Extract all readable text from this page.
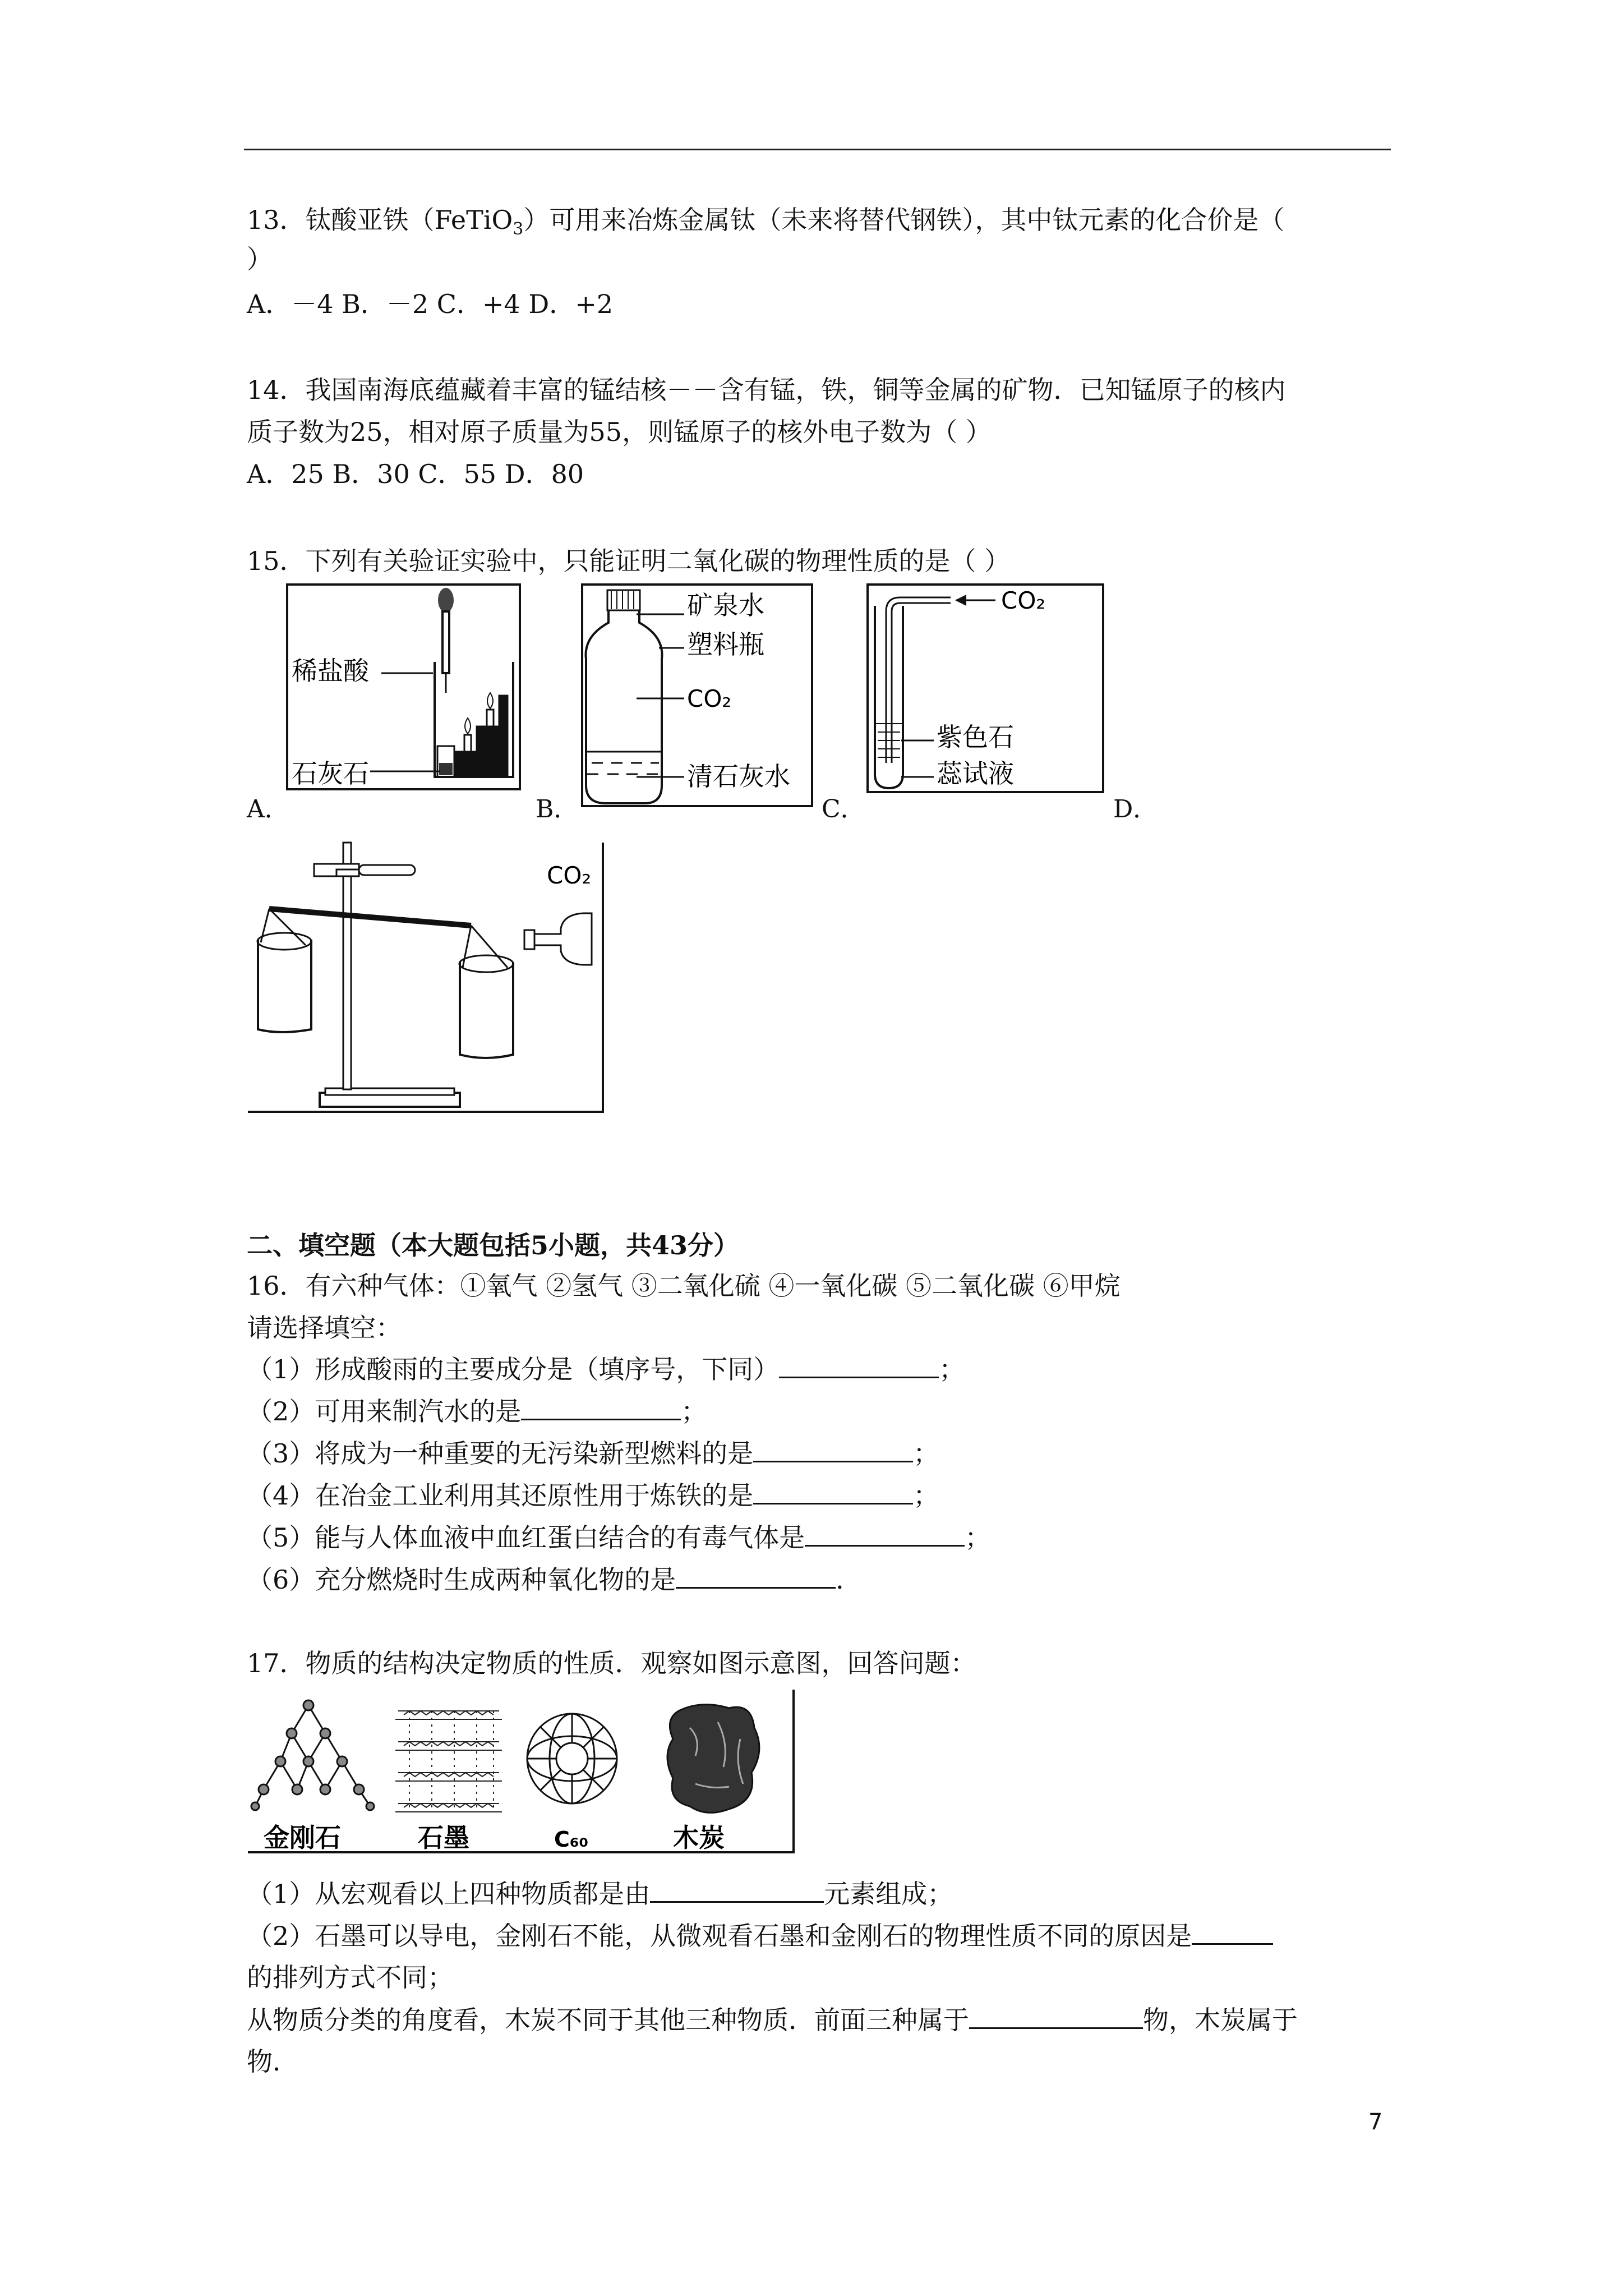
13．钛酸亚铁（FeTiO$_3$）可用来冶炼金属钛（未来将替代钢铁），其中钛元素的化合价是（
）
A．－4 B．－2 C．+4 D．+2
14．我国南海底蕴藏着丰富的锰结核－－含有锰，铁，铜等金属的矿物．已知锰原子的核内
质子数为25，相对原子质量为55，则锰原子的核外电子数为（ ）
A．25 B．30 C．55 D．80
15．下列有关验证实验中，只能证明二氧化碳的物理性质的是（ ）
稀盐酸
石灰石
A．
矿泉水
塑料瓶
CO₂
清石灰水
B．
CO₂
紫色石
蕊试液
C．	D．
CO₂
二、填空题（本大题包括5小题，共43分）
16．有六种气体：①氧气 ②氢气 ③二氧化硫 ④一氧化碳 ⑤二氧化碳 ⑥甲烷
请选择填空：
（1）形成酸雨的主要成分是（填序号，下同）	；
（2）可用来制汽水的是	；
（3）将成为一种重要的无污染新型燃料的是	；
（4）在冶金工业利用其还原性用于炼铁的是	；
（5）能与人体血液中血红蛋白结合的有毒气体是	；
（6）充分燃烧时生成两种氧化物的是	．
17．物质的结构决定物质的性质．观察如图示意图，回答问题：
金刚石	石墨	C₆₀	木炭
（1）从宏观看以上四种物质都是由	元素组成；
（2）石墨可以导电，金刚石不能，从微观看石墨和金刚石的物理性质不同的原因是
的排列方式不同；
从物质分类的角度看，木炭不同于其他三种物质．前面三种属于	物，木炭属于
物．
7
